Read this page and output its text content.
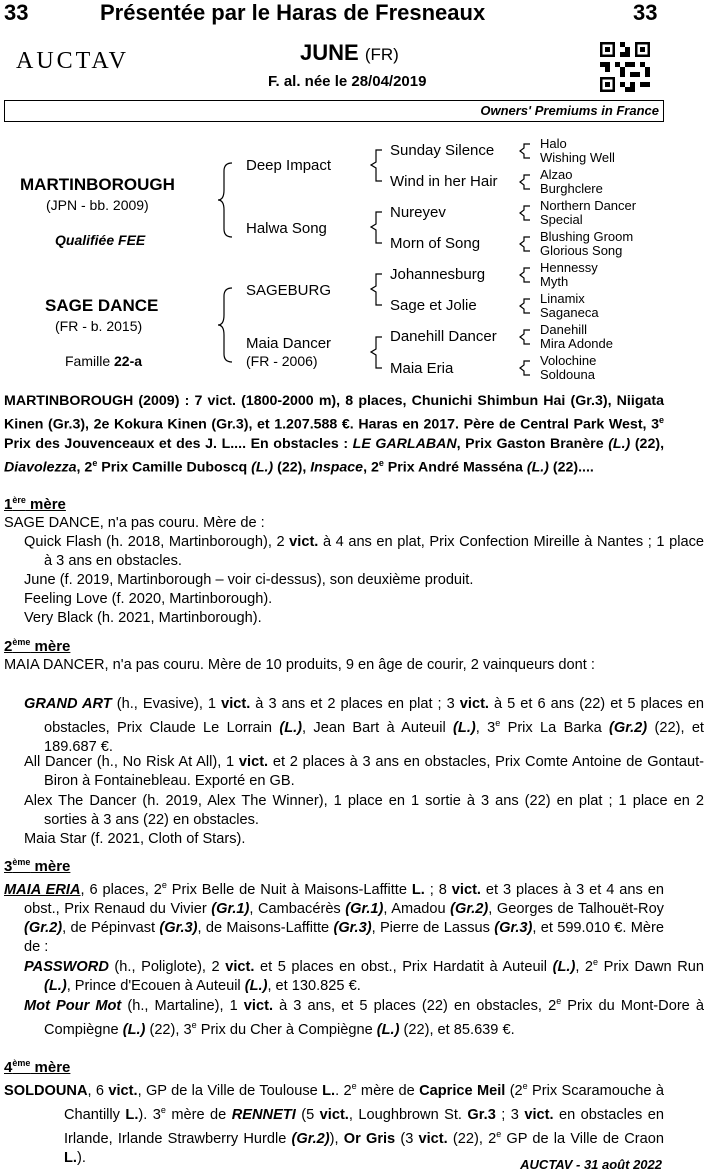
33	Présentée par le Haras de Fresneaux	33
AUCTAV	JUNE (FR)
F. al. née le 28/04/2019
Owners' Premiums in France
MARTINBOROUGH
(JPN - bb. 2009)
Qualifiée FEE
SAGE DANCE
(FR - b. 2015)
Famille 22-a
Deep Impact
Halwa Song
SAGEBURG
Maia Dancer
(FR - 2006)
Sunday Silence
Wind in her Hair
Nureyev
Morn of Song
Johannesburg
Sage et Jolie
Danehill Dancer
Maia Eria
Halo
Wishing Well
Alzao
Burghclere
Northern Dancer
Special
Blushing Groom
Glorious Song
Hennessy
Myth
Linamix
Saganeca
Danehill
Mira Adonde
Volochine
Soldouna
MARTINBOROUGH (2009) : 7 vict. (1800-2000 m), 8 places, Chunichi Shimbun Hai (Gr.3), Niigata Kinen (Gr.3), 2e Kokura Kinen (Gr.3), et 1.207.588 €. Haras en 2017. Père de Central Park West, 3e Prix des Jouvenceaux et des J. L.... En obstacles : LE GARLABAN, Prix Gaston Branère (L.) (22), Diavolezza, 2e Prix Camille Duboscq (L.) (22), Inspace, 2e Prix André Masséna (L.) (22)....
1ère mère
SAGE DANCE, n'a pas couru. Mère de :
Quick Flash (h. 2018, Martinborough), 2 vict. à 4 ans en plat, Prix Confection Mireille à Nantes ; 1 place à 3 ans en obstacles.
June (f. 2019, Martinborough – voir ci-dessus), son deuxième produit.
Feeling Love (f. 2020, Martinborough).
Very Black (h. 2021, Martinborough).
2ème mère
MAIA DANCER, n'a pas couru. Mère de 10 produits, 9 en âge de courir, 2 vainqueurs dont :
GRAND ART (h., Evasive), 1 vict. à 3 ans et 2 places en plat ; 3 vict. à 5 et 6 ans (22) et 5 places en obstacles, Prix Claude Le Lorrain (L.), Jean Bart à Auteuil (L.), 3e Prix La Barka (Gr.2) (22), et 189.687 €.
All Dancer (h., No Risk At All), 1 vict. et 2 places à 3 ans en obstacles, Prix Comte Antoine de Gontaut-Biron à Fontainebleau. Exporté en GB.
Alex The Dancer (h. 2019, Alex The Winner), 1 place en 1 sortie à 3 ans (22) en plat ; 1 place en 2 sorties à 3 ans (22) en obstacles.
Maia Star (f. 2021, Cloth of Stars).
3ème mère
MAIA ERIA, 6 places, 2e Prix Belle de Nuit à Maisons-Laffitte L. ; 8 vict. et 3 places à 3 et 4 ans en obst., Prix Renaud du Vivier (Gr.1), Cambacérès (Gr.1), Amadou (Gr.2), Georges de Talhouët-Roy (Gr.2), de Pépinvast (Gr.3), de Maisons-Laffitte (Gr.3), Pierre de Lassus (Gr.3), et 599.010 €. Mère de :
PASSWORD (h., Poliglote), 2 vict. et 5 places en obst., Prix Hardatit à Auteuil (L.), 2e Prix Dawn Run (L.), Prince d'Ecouen à Auteuil (L.), et 130.825 €.
Mot Pour Mot (h., Martaline), 1 vict. à 3 ans, et 5 places (22) en obstacles, 2e Prix du Mont-Dore à Compiègne (L.) (22), 3e Prix du Cher à Compiègne (L.) (22), et 85.639 €.
4ème mère
SOLDOUNA, 6 vict., GP de la Ville de Toulouse L.. 2e mère de Caprice Meil (2e Prix Scaramouche à Chantilly L.). 3e mère de RENNETI (5 vict., Loughbrown St. Gr.3 ; 3 vict. en obstacles en Irlande, Irlande Strawberry Hurdle (Gr.2)), Or Gris (3 vict. (22), 2e GP de la Ville de Craon L.).	AUCTAV - 31 août 2022
